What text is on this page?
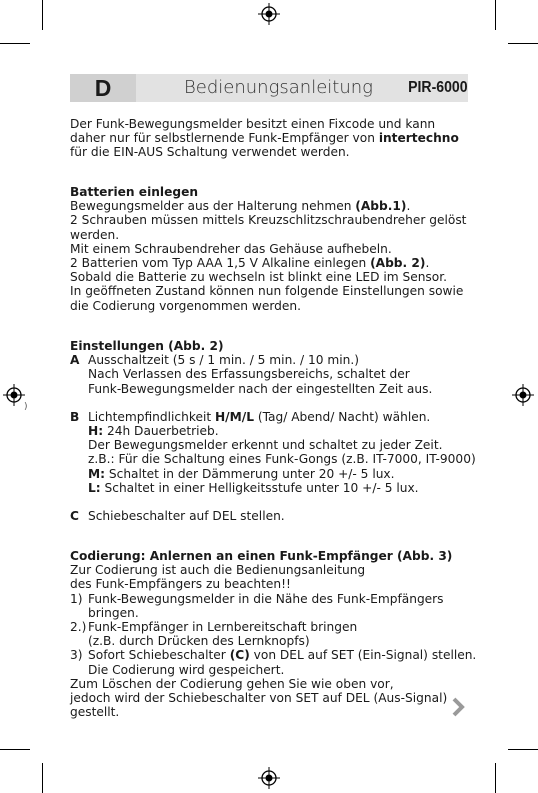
)
D	Bedienungsanleitung PIR-6000
Der Funk-Bewegungsmelder besitzt einen Fixcode und kann
daher nur für selbstlernende Funk-Empfänger von intertechno
für die EIN-AUS Schaltung verwendet werden.
Batterien einlegen
Bewegungsmelder aus der Halterung nehmen (Abb.1).
2 Schrauben müssen mittels Kreuzschlitzschraubendreher gelöst
werden.
Mit einem Schraubendreher das Gehäuse aufhebeln.
2 Batterien vom Typ AAA 1,5 V Alkaline einlegen (Abb. 2).
Sobald die Batterie zu wechseln ist blinkt eine LED im Sensor.
In geöffneten Zustand können nun folgende Einstellungen sowie
die Codierung vorgenommen werden.
Einstellungen (Abb. 2)
A Ausschaltzeit (5 s / 1 min. / 5 min. / 10 min.)
Nach Verlassen des Erfassungsbereichs, schaltet der
Funk-Bewegungsmelder nach der eingestellten Zeit aus.
B Lichtempfindlichkeit H/M/L (Tag/ Abend/ Nacht) wählen.
H: 24h Dauerbetrieb.
Der Bewegungsmelder erkennt und schaltet zu jeder Zeit.
z.B.: Für die Schaltung eines Funk-Gongs (z.B. IT-7000, IT-9000)
M: Schaltet in der Dämmerung unter 20 +/- 5 lux.
L: Schaltet in einer Helligkeitsstufe unter 10 +/- 5 lux.
C Schiebeschalter auf DEL stellen.
Codierung: Anlernen an einen Funk-Empfänger (Abb. 3)
Zur Codierung ist auch die Bedienungsanleitung
des Funk-Empfängers zu beachten!!
1) Funk-Bewegungsmelder in die Nähe des Funk-Empfängers
bringen.
2.) Funk-Empfänger in Lernbereitschaft bringen
(z.B. durch Drücken des Lernknopfs)
3) Sofort Schiebeschalter (C) von DEL auf SET (Ein-Signal) stellen.
Die Codierung wird gespeichert.
Zum Löschen der Codierung gehen Sie wie oben vor,
jedoch wird der Schiebeschalter von SET auf DEL (Aus-Signal)
gestellt.
